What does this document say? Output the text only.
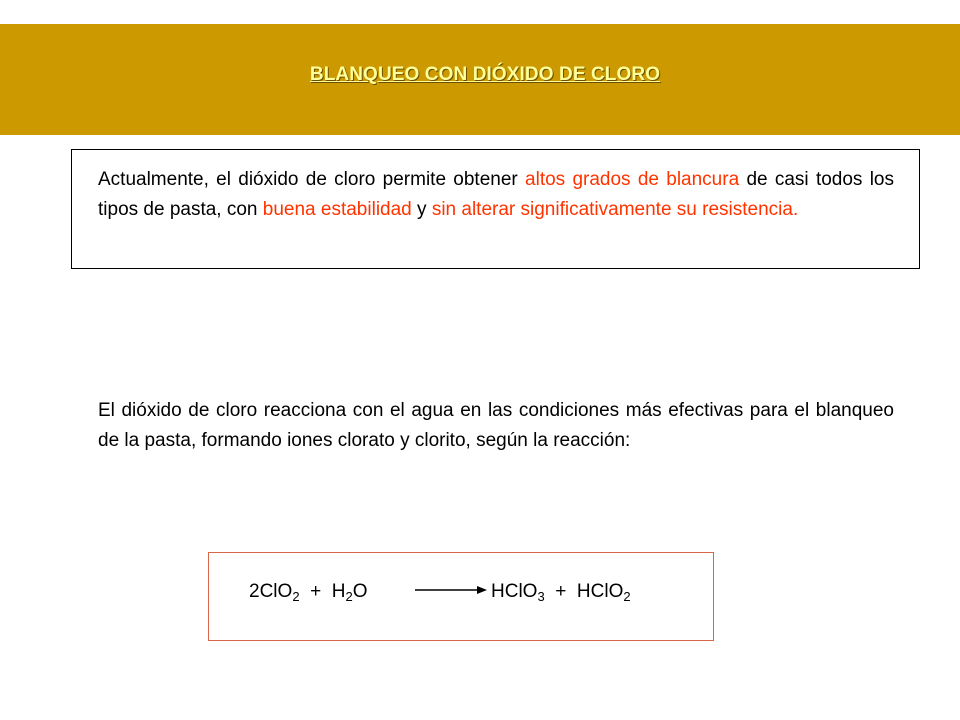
BLANQUEO CON DIÓXIDO DE CLORO
Actualmente, el dióxido de cloro permite obtener altos grados de blancura de casi todos los tipos de pasta, con buena estabilidad y sin alterar significativamente su resistencia.
El dióxido de cloro reacciona con el agua en las condiciones más efectivas para el blanqueo de la pasta, formando iones clorato y clorito, según la reacción:
$2ClO_2 + H_2O$	HClO$_3$ + HClO$_2$
